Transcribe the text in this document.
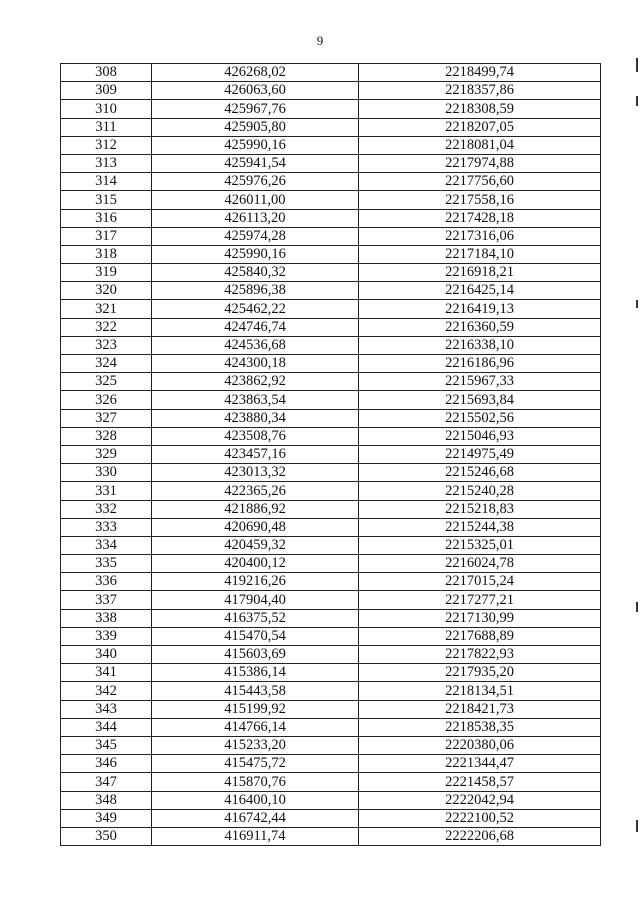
9
308	426268,02	2218499,74
309	426063,60	2218357,86
310	425967,76	2218308,59
311	425905,80	2218207,05
312	425990,16	2218081,04
313	425941,54	2217974,88
314	425976,26	2217756,60
315	426011,00	2217558,16
316	426113,20	2217428,18
317	425974,28	2217316,06
318	425990,16	2217184,10
319	425840,32	2216918,21
320	425896,38	2216425,14
321	425462,22	2216419,13
322	424746,74	2216360,59
323	424536,68	2216338,10
324	424300,18	2216186,96
325	423862,92	2215967,33
326	423863,54	2215693,84
327	423880,34	2215502,56
328	423508,76	2215046,93
329	423457,16	2214975,49
330	423013,32	2215246,68
331	422365,26	2215240,28
332	421886,92	2215218,83
333	420690,48	2215244,38
334	420459,32	2215325,01
335	420400,12	2216024,78
336	419216,26	2217015,24
337	417904,40	2217277,21
338	416375,52	2217130,99
339	415470,54	2217688,89
340	415603,69	2217822,93
341	415386,14	2217935,20
342	415443,58	2218134,51
343	415199,92	2218421,73
344	414766,14	2218538,35
345	415233,20	2220380,06
346	415475,72	2221344,47
347	415870,76	2221458,57
348	416400,10	2222042,94
349	416742,44	2222100,52
350	416911,74	2222206,68
